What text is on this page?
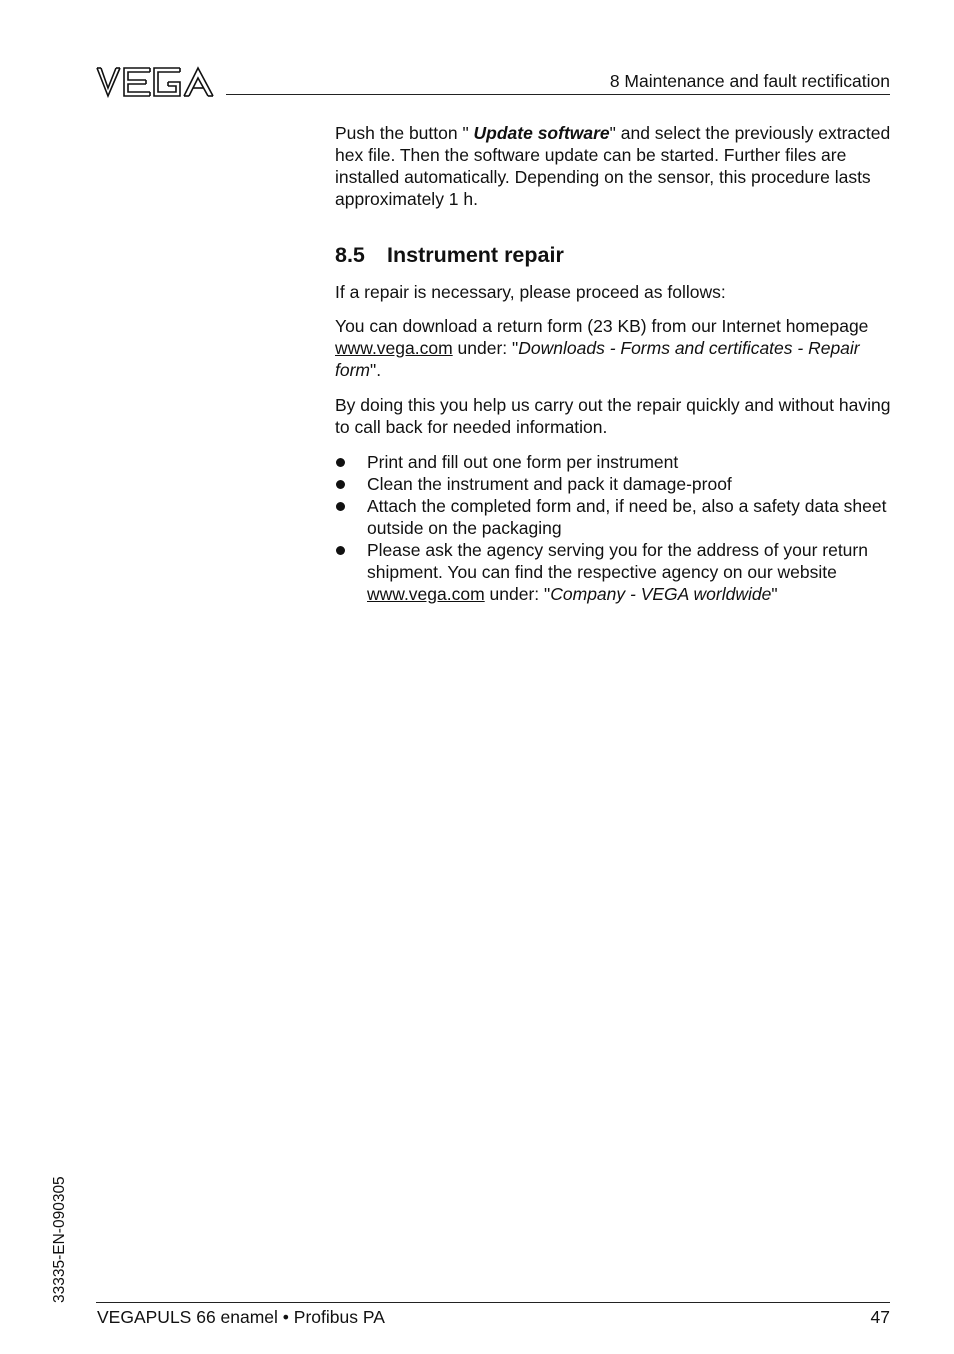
8 Maintenance and fault rectification

Push the button " Update software" and select the previously extracted hex file. Then the software update can be started. Further files are installed automatically. Depending on the sensor, this procedure lasts approximately 1 h.

8.5 Instrument repair

If a repair is necessary, please proceed as follows:

You can download a return form (23 KB) from our Internet homepage www.vega.com under: "Downloads - Forms and certificates - Repair form".

By doing this you help us carry out the repair quickly and without having to call back for needed information.

Print and fill out one form per instrument
Clean the instrument and pack it damage-proof
Attach the completed form and, if need be, also a safety data sheet outside on the packaging
Please ask the agency serving you for the address of your return shipment. You can find the respective agency on our website www.vega.com under: "Company - VEGA worldwide"
33335-EN-090305
VEGAPULS 66 enamel • Profibus PA	47
